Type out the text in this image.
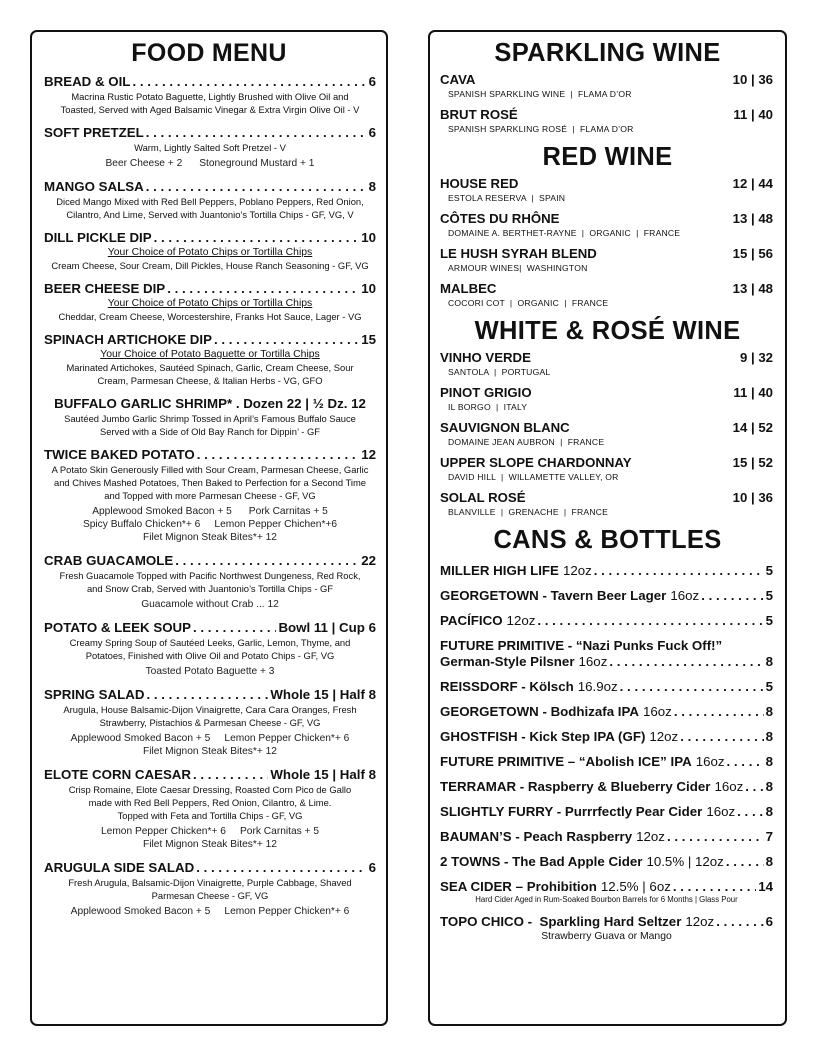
FOOD MENU
BREAD & OIL . . .	6
Macrina Rustic Potato Baguette, Lightly Brushed with Olive Oil and
Toasted, Served with Aged Balsamic Vinegar & Extra Virgin Olive Oil - V
SOFT PRETZEL . . .	6
Warm, Lightly Salted Soft Pretzel - V
Beer Cheese + 2      Stoneground Mustard + 1
MANGO SALSA . . .	8
Diced Mango Mixed with Red Bell Peppers, Poblano Peppers, Red Onion,
Cilantro, And Lime, Served with Juantonio’s Tortilla Chips - GF, VG, V
DILL PICKLE DIP . . .	10
Your Choice of Potato Chips or Tortilla Chips
Cream Cheese, Sour Cream, Dill Pickles, House Ranch Seasoning - GF, VG
BEER CHEESE DIP . . .	10
Your Choice of Potato Chips or Tortilla Chips
Cheddar, Cream Cheese, Worcestershire, Franks Hot Sauce, Lager - VG
SPINACH ARTICHOKE DIP . . .	15
Your Choice of Potato Baguette or Tortilla Chips
Marinated Artichokes, Sautéed Spinach, Garlic, Cream Cheese, Sour
Cream, Parmesan Cheese, & Italian Herbs - VG, GFO
BUFFALO GARLIC SHRIMP* . Dozen 22 | ½ Dz. 12
Sautéed Jumbo Garlic Shrimp Tossed in April’s Famous Buffalo Sauce
Served with a Side of Old Bay Ranch for Dippin’ - GF
TWICE BAKED POTATO . . .	12
A Potato Skin Generously Filled with Sour Cream, Parmesan Cheese, Garlic
and Chives Mashed Potatoes, Then Baked to Perfection for a Second Time
and Topped with more Parmesan Cheese - GF, VG
Applewood Smoked Bacon + 5      Pork Carnitas + 5
Spicy Buffalo Chicken*+ 6     Lemon Pepper Chichen*+6
Filet Mignon Steak Bites*+ 12
CRAB GUACAMOLE . . .	22
Fresh Guacamole Topped with Pacific Northwest Dungeness, Red Rock,
and Snow Crab, Served with Juantonio’s Tortilla Chips - GF
Guacamole without Crab ... 12
POTATO & LEEK SOUP . . .	Bowl 11 | Cup 6
Creamy Spring Soup of Sautéed Leeks, Garlic, Lemon, Thyme, and
Potatoes, Finished with Olive Oil and Potato Chips - GF, VG
Toasted Potato Baguette + 3
SPRING SALAD . . .	Whole 15 | Half 8
Arugula, House Balsamic-Dijon Vinaigrette, Cara Cara Oranges, Fresh
Strawberry, Pistachios & Parmesan Cheese - GF, VG
Applewood Smoked Bacon + 5     Lemon Pepper Chicken*+ 6
Filet Mignon Steak Bites*+ 12
ELOTE CORN CAESAR . . .	Whole 15 | Half 8
Crisp Romaine, Elote Caesar Dressing, Roasted Corn Pico de Gallo
made with Red Bell Peppers, Red Onion, Cilantro, & Lime.
Topped with Feta and Tortilla Chips - GF, VG
Lemon Pepper Chicken*+ 6     Pork Carnitas + 5
Filet Mignon Steak Bites*+ 12
ARUGULA SIDE SALAD . . .	6
Fresh Arugula, Balsamic-Dijon Vinaigrette, Purple Cabbage, Shaved
Parmesan Cheese - GF, VG
Applewood Smoked Bacon + 5     Lemon Pepper Chicken*+ 6
SPARKLING WINE
CAVA	10 | 36
SPANISH SPARKLING WINE  |  FLAMA D’OR
BRUT ROSÉ	11 | 40
SPANISH SPARKLING ROSÉ  |  FLAMA D’OR
RED WINE
HOUSE RED	12 | 44
ESTOLA RESERVA  |  SPAIN
CÔTES DU RHÔNE	13 | 48
DOMAINE A. BERTHET-RAYNE  |  ORGANIC  |  FRANCE
LE HUSH SYRAH BLEND	15 | 56
ARMOUR WINES|  WASHINGTON
MALBEC	13 | 48
COCORI COT  |  ORGANIC  |  FRANCE
WHITE & ROSÉ WINE
VINHO VERDE	9 | 32
SANTOLA  |  PORTUGAL
PINOT GRIGIO	11 | 40
IL BORGO  |  ITALY
SAUVIGNON BLANC	14 | 52
DOMAINE JEAN AUBRON  |  FRANCE
UPPER SLOPE CHARDONNAY	15 | 52
DAVID HILL  |  WILLAMETTE VALLEY, OR
SOLAL ROSÉ	10 | 36
BLANVILLE  |  GRENACHE  |  FRANCE
CANS & BOTTLES
MILLER HIGH LIFE 12oz . . .	5
GEORGETOWN - Tavern Beer Lager 16oz . . .	5
PACÍFICO 12oz . . .	5
FUTURE PRIMITIVE - “Nazi Punks Fuck Off!”
German-Style Pilsner 16oz . . .	8
REISSDORF - Kölsch 16.9oz . . .	5
GEORGETOWN - Bodhizafa IPA 16oz . . .	8
GHOSTFISH - Kick Step IPA (GF) 12oz . . .	8
FUTURE PRIMITIVE – “Abolish ICE” IPA 16oz . . .	8
TERRAMAR - Raspberry & Blueberry Cider 16oz . . . 8
SLIGHTLY FURRY - Purrrfectly Pear Cider 16oz . . . 8
BAUMAN’S - Peach Raspberry 12oz . . .	7
2 TOWNS - The Bad Apple Cider 10.5% | 12oz . . .	8
SEA CIDER – Prohibition 12.5% | 6oz . . .	14
Hard Cider Aged in Rum-Soaked Bourbon Barrels for 6 Months | Glass Pour
TOPO CHICO -  Sparkling Hard Seltzer 12oz . . .	6
Strawberry Guava or Mango
